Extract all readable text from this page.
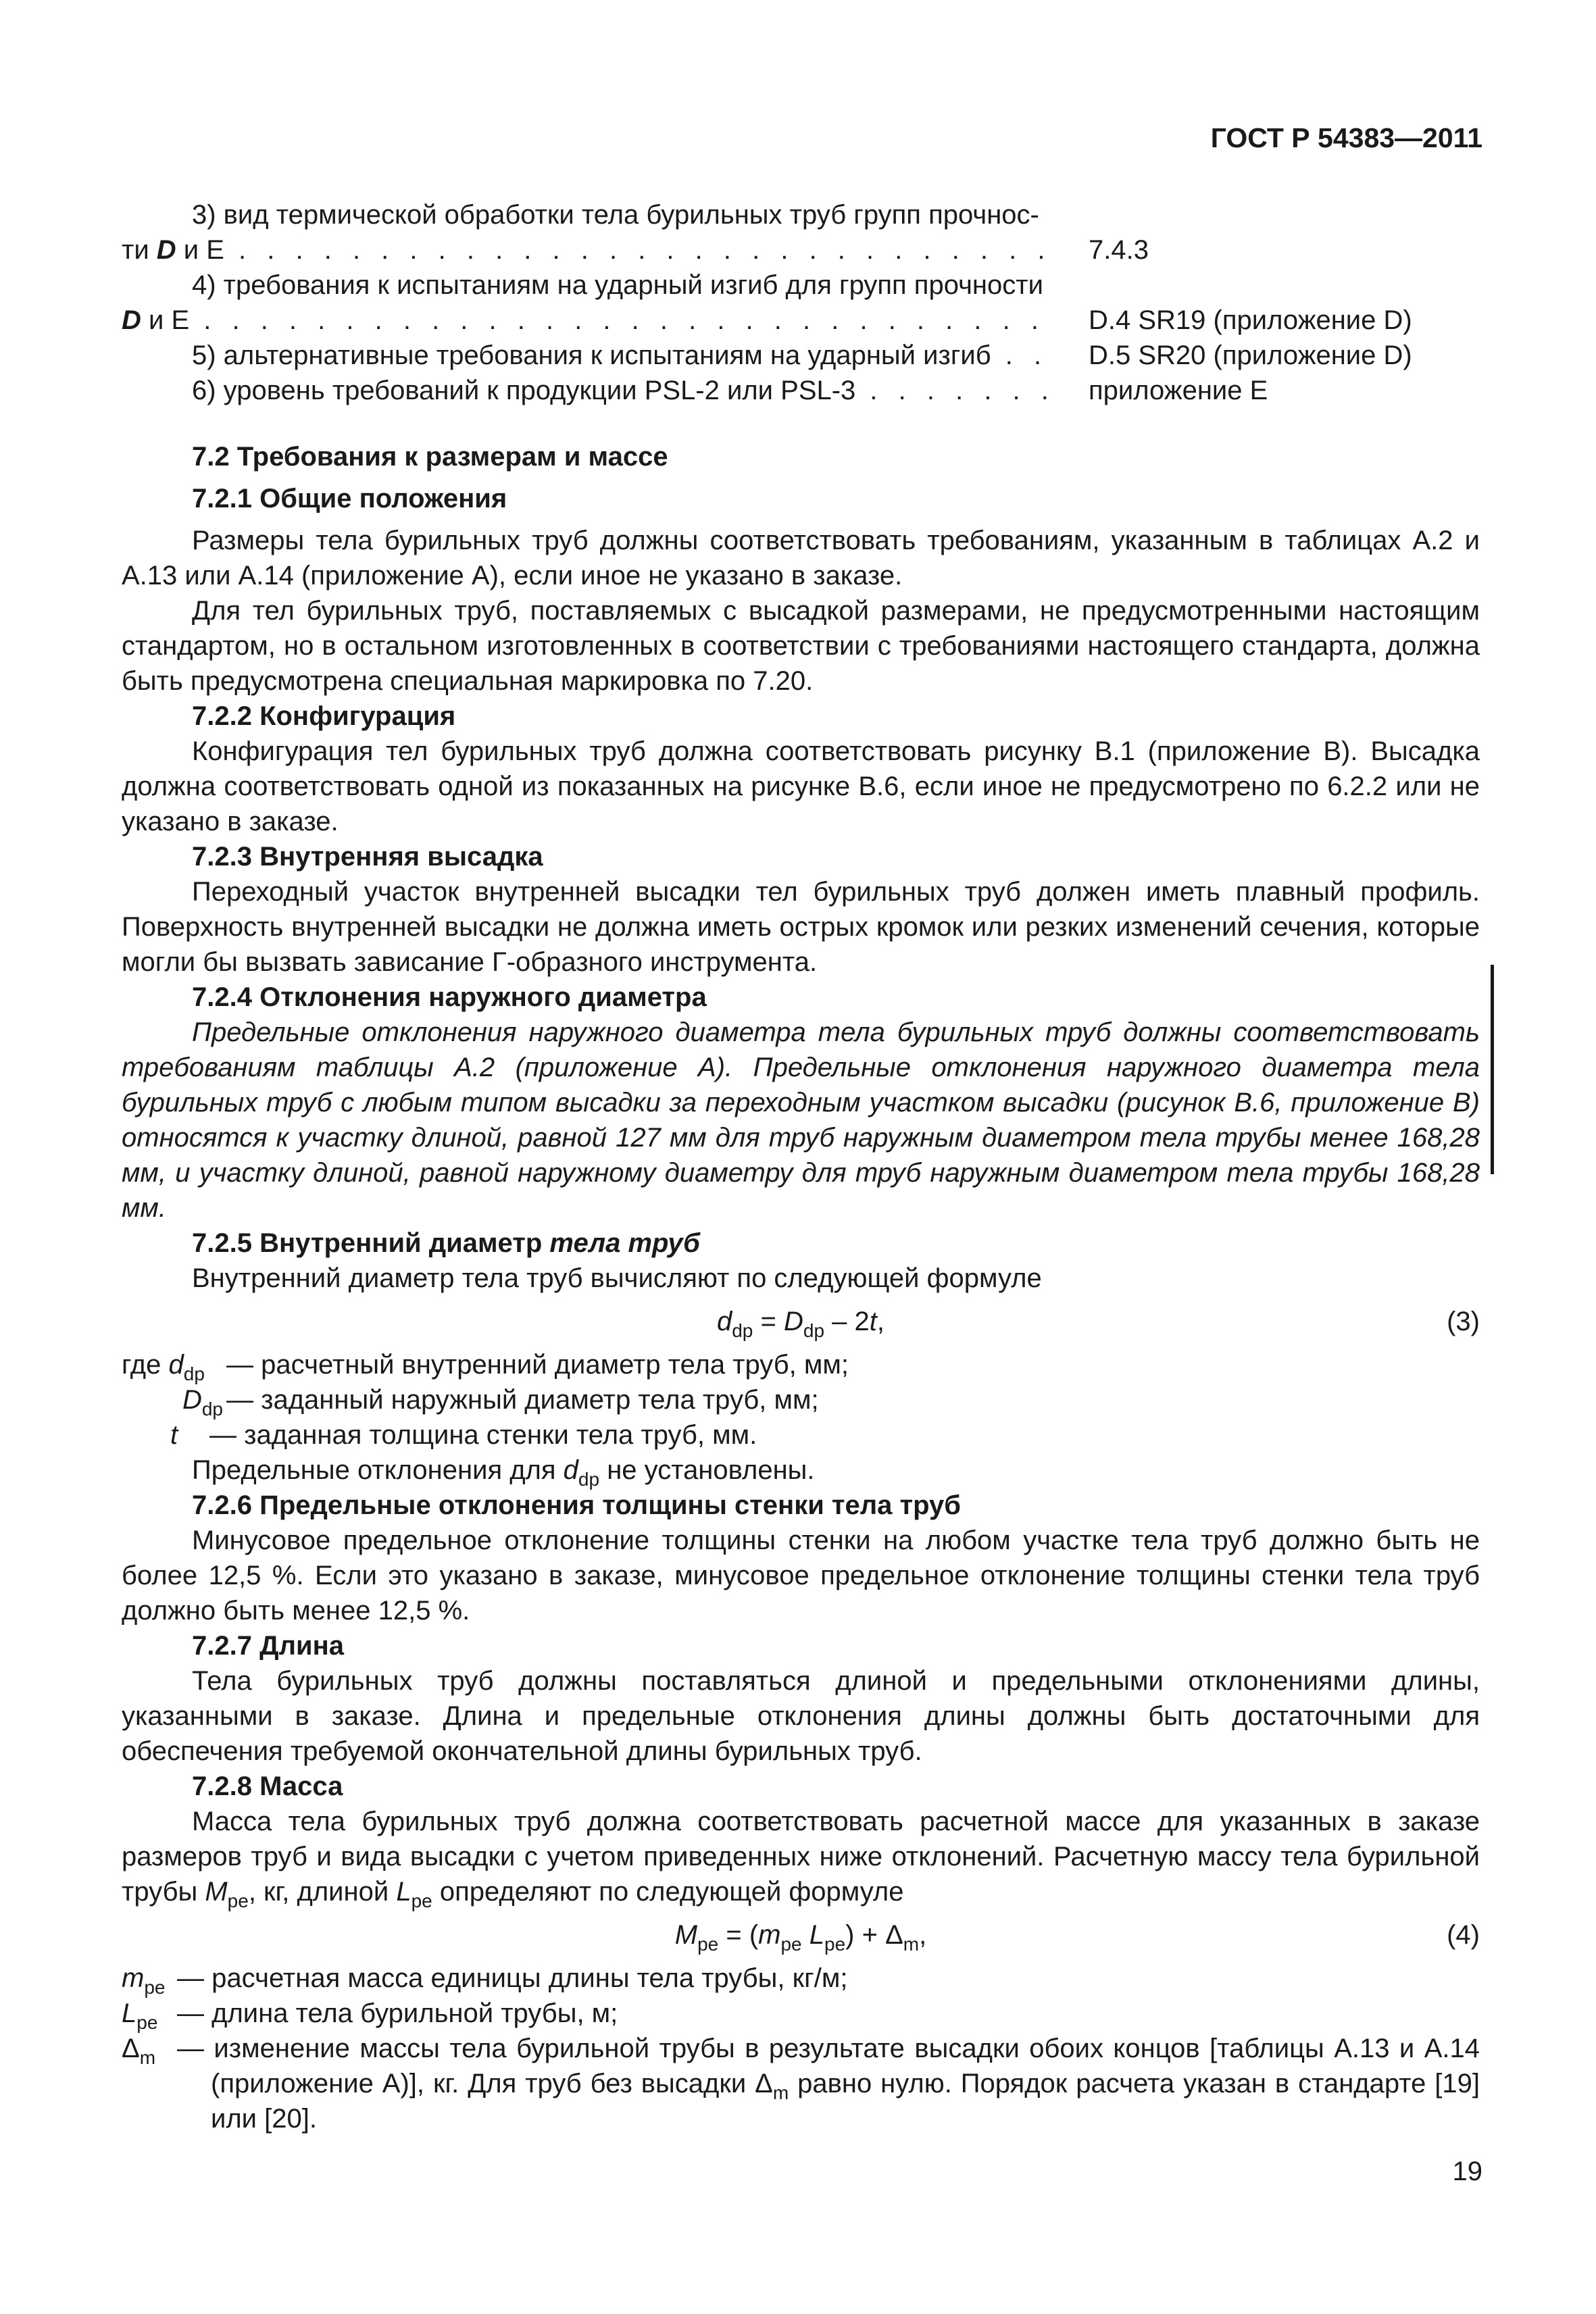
ГОСТ Р 54383—2011
3) вид термической обработки тела бурильных труб групп прочнос-
ти D и E . . .	7.4.3
4) требования к испытаниям на ударный изгиб для групп прочности
D и E . . .	D.4 SR19 (приложение D)
5) альтернативные требования к испытаниям на ударный изгиб . . .	D.5 SR20 (приложение D)
6) уровень требований к продукции PSL-2 или PSL-3 . . .	приложение E
7.2 Требования к размерам и массе
7.2.1 Общие положения
Размеры тела бурильных труб должны соответствовать требованиям, указанным в таблицах А.2 и А.13 или А.14 (приложение А), если иное не указано в заказе.
Для тел бурильных труб, поставляемых с высадкой размерами, не предусмотренными настоящим стандартом, но в остальном изготовленных в соответствии с требованиями настоящего стандарта, должна быть предусмотрена специальная маркировка по 7.20.
7.2.2 Конфигурация
Конфигурация тел бурильных труб должна соответствовать рисунку В.1 (приложение В). Высадка должна соответствовать одной из показанных на рисунке В.6, если иное не предусмотрено по 6.2.2 или не указано в заказе.
7.2.3 Внутренняя высадка
Переходный участок внутренней высадки тел бурильных труб должен иметь плавный профиль. Поверхность внутренней высадки не должна иметь острых кромок или резких изменений сечения, которые могли бы вызвать зависание Г-образного инструмента.
7.2.4 Отклонения наружного диаметра
Предельные отклонения наружного диаметра тела бурильных труб должны соответствовать требованиям таблицы А.2 (приложение А). Предельные отклонения наружного диаметра тела бурильных труб с любым типом высадки за переходным участком высадки (рисунок В.6, приложение В) относятся к участку длиной, равной 127 мм для труб наружным диаметром тела трубы менее 168,28 мм, и участку длиной, равной наружному диаметру для труб наружным диаметром тела трубы 168,28 мм.
7.2.5 Внутренний диаметр тела труб
Внутренний диаметр тела труб вычисляют по следующей формуле
$d_{dp} = D_{dp} - 2t$,	(3)
где $d_{dp}$ — расчетный внутренний диаметр тела труб, мм;
$D_{dp}$ — заданный наружный диаметр тела труб, мм;
t — заданная толщина стенки тела труб, мм.
Предельные отклонения для $d_{dp}$ не установлены.
7.2.6 Предельные отклонения толщины стенки тела труб
Минусовое предельное отклонение толщины стенки на любом участке тела труб должно быть не более 12,5 %. Если это указано в заказе, минусовое предельное отклонение толщины стенки тела труб должно быть менее 12,5 %.
7.2.7 Длина
Тела бурильных труб должны поставляться длиной и предельными отклонениями длины, указанными в заказе. Длина и предельные отклонения длины должны быть достаточными для обеспечения требуемой окончательной длины бурильных труб.
7.2.8 Масса
Масса тела бурильных труб должна соответствовать расчетной массе для указанных в заказе размеров труб и вида высадки с учетом приведенных ниже отклонений. Расчетную массу тела бурильной трубы $M_{pe}$, кг, длиной $L_{pe}$ определяют по следующей формуле
$M_{pe} = (m_{pe}$ $L_{pe}) + \Delta_m$,	(4)
$m_{pe}$ — расчетная масса единицы длины тела трубы, кг/м;
$L_{pe}$ — длина тела бурильной трубы, м;
$\Delta_m$ — изменение массы тела бурильной трубы в результате высадки обоих концов [таблицы А.13 и А.14 (приложение А)], кг. Для труб без высадки $\Delta_m$ равно нулю. Порядок расчета указан в стандарте [19] или [20].
19
